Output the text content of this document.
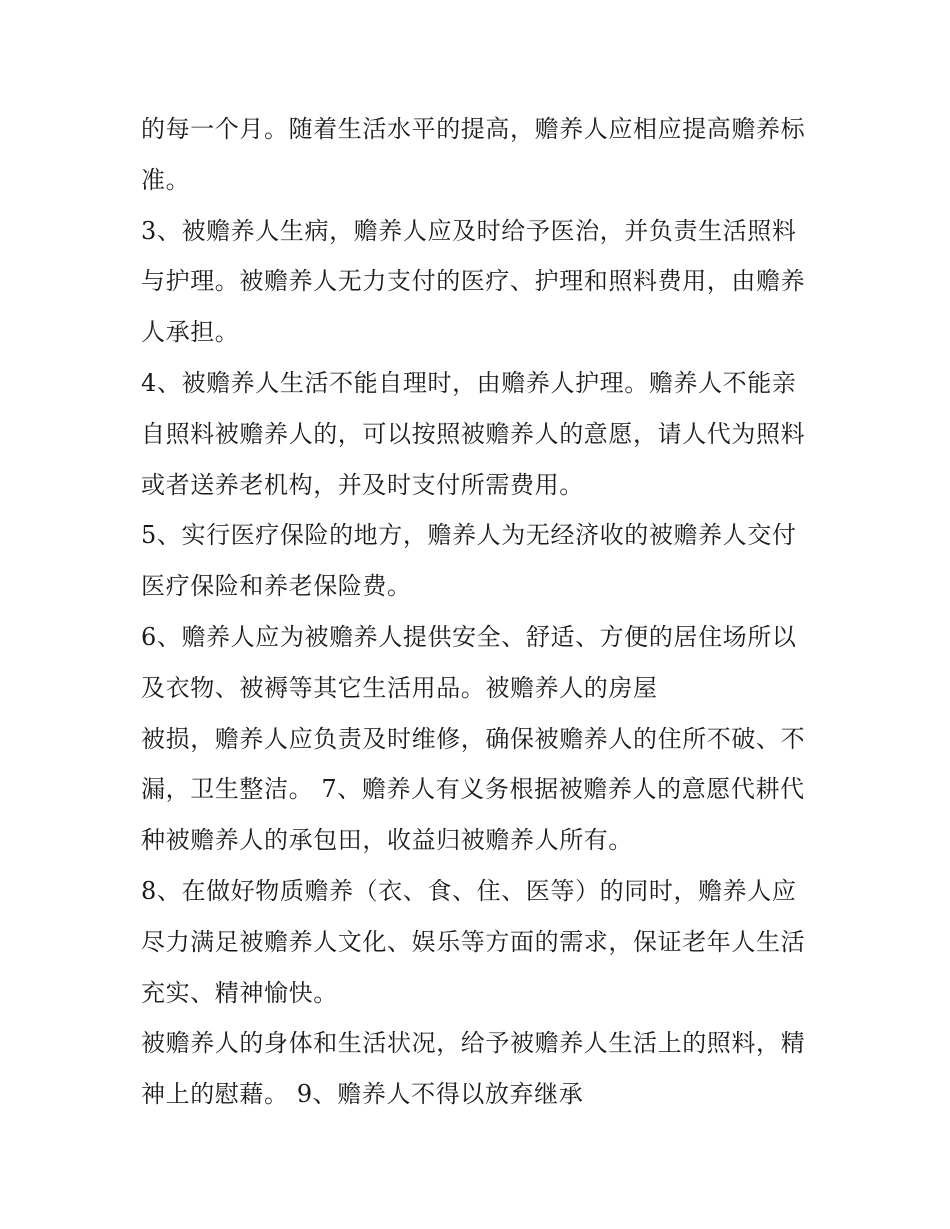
的每一个月。随着生活水平的提高，赡养人应相应提高赡养标
准。
3、被赡养人生病，赡养人应及时给予医治，并负责生活照料
与护理。被赡养人无力支付的医疗、护理和照料费用，由赡养
人承担。
4、被赡养人生活不能自理时，由赡养人护理。赡养人不能亲
自照料被赡养人的，可以按照被赡养人的意愿，请人代为照料
或者送养老机构，并及时支付所需费用。
5、实行医疗保险的地方，赡养人为无经济收的被赡养人交付
医疗保险和养老保险费。
6、赡养人应为被赡养人提供安全、舒适、方便的居住场所以
及衣物、被褥等其它生活用品。被赡养人的房屋
被损，赡养人应负责及时维修，确保被赡养人的住所不破、不
漏，卫生整洁。 7、赡养人有义务根据被赡养人的意愿代耕代
种被赡养人的承包田，收益归被赡养人所有。
8、在做好物质赡养（衣、食、住、医等）的同时，赡养人应
尽力满足被赡养人文化、娱乐等方面的需求，保证老年人生活
充实、精神愉快。
被赡养人的身体和生活状况，给予被赡养人生活上的照料，精
神上的慰藉。 9、赡养人不得以放弃继承
